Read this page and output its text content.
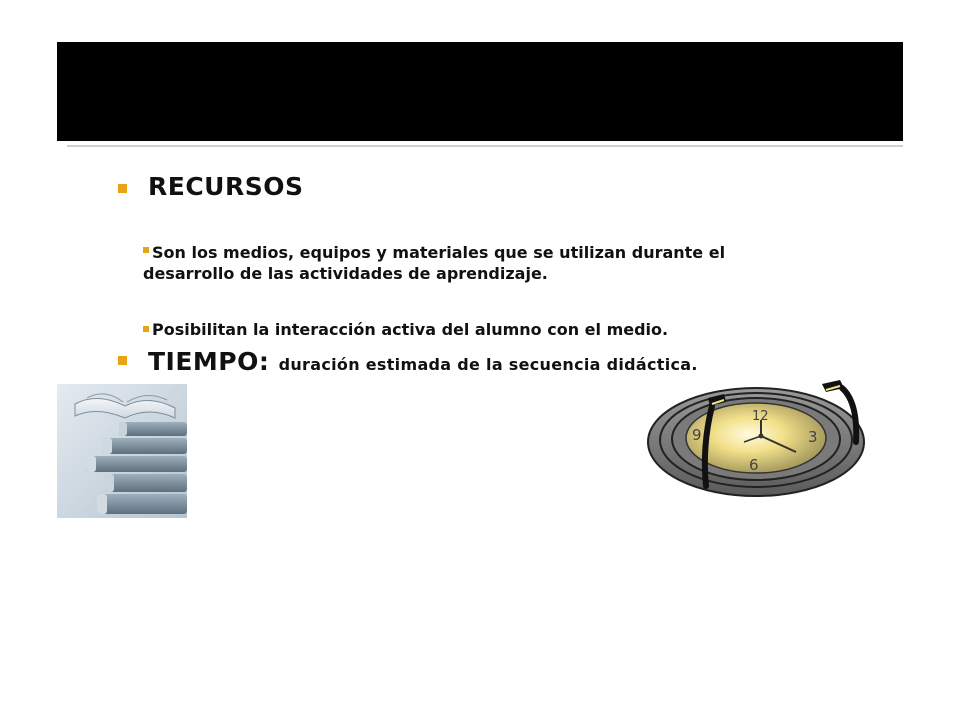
RECURSOS
Son los medios, equipos y materiales que se utilizan durante el
desarrollo de las actividades de aprendizaje.
Posibilitan la interacción activa del alumno con el medio.
TIEMPO: duración estimada de la secuencia didáctica.
12
3
6
9
